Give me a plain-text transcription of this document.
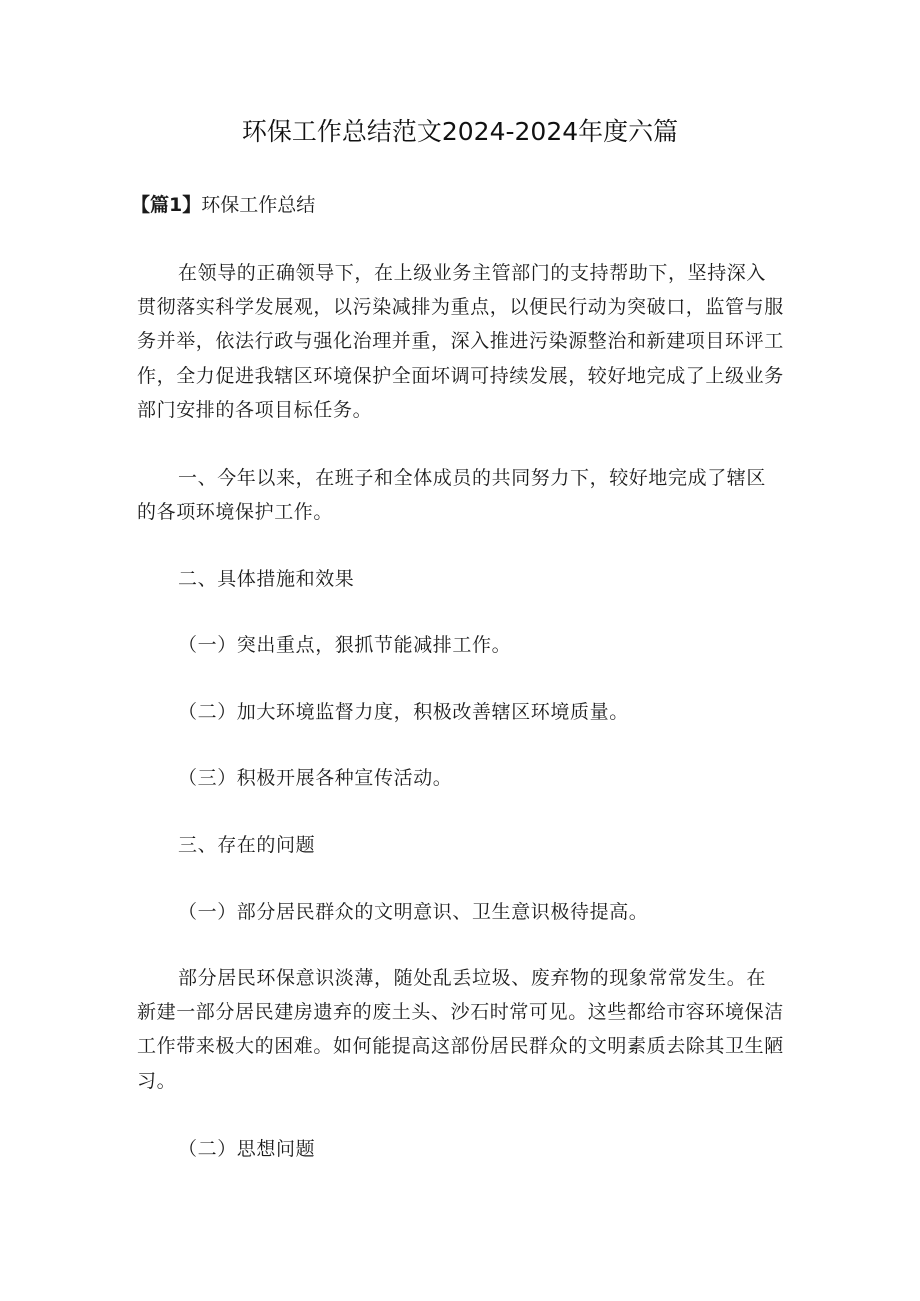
环保工作总结范文2024-2024年度六篇
【篇1】环保工作总结
在领导的正确领导下，在上级业务主管部门的支持帮助下，坚持深入
贯彻落实科学发展观，以污染减排为重点，以便民行动为突破口，监管与服
务并举，依法行政与强化治理并重，深入推进污染源整治和新建项目环评工
作，全力促进我辖区环境保护全面坏调可持续发展，较好地完成了上级业务
部门安排的各项目标任务。
一、今年以来，在班子和全体成员的共同努力下，较好地完成了辖区
的各项环境保护工作。
二、具体措施和效果
（一）突出重点，狠抓节能减排工作。
（二）加大环境监督力度，积极改善辖区环境质量。
（三）积极开展各种宣传活动。
三、存在的问题
（一）部分居民群众的文明意识、卫生意识极待提高。
部分居民环保意识淡薄，随处乱丢垃圾、废弃物的现象常常发生。在
新建一部分居民建房遗弃的废土头、沙石时常可见。这些都给市容环境保洁
工作带来极大的困难。如何能提高这部份居民群众的文明素质去除其卫生陋
习。
（二）思想问题
